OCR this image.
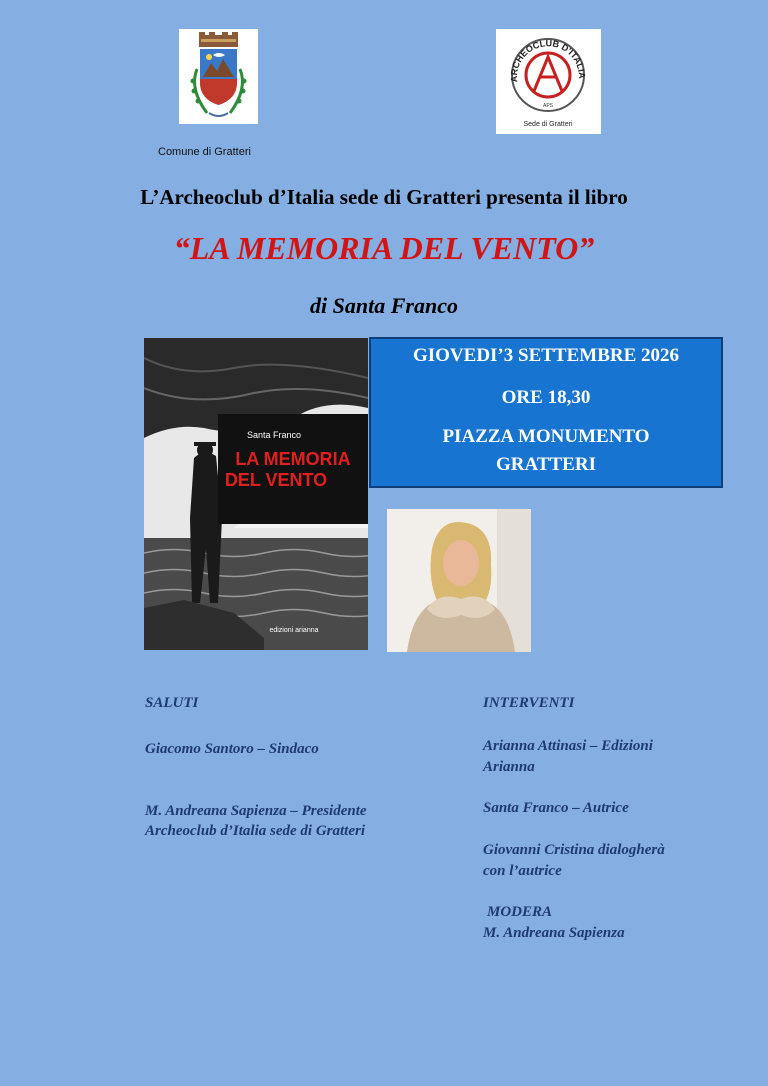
ARCHEOCLUB D'ITALIA
APS
Sede di Gratteri
Comune di Gratteri
L’Archeoclub d’Italia sede di Gratteri presenta il libro
“LA MEMORIA DEL VENTO”
di Santa Franco
Santa Franco
LA MEMORIA
DEL VENTO
edizioni arianna
GIOVEDI’3 SETTEMBRE 2026
ORE 18,30
PIAZZA MONUMENTO
GRATTERI
SALUTI
Giacomo Santoro – Sindaco
M. Andreana Sapienza – Presidente
Archeoclub d’Italia sede di Gratteri
INTERVENTI
Arianna Attinasi – Edizioni
Arianna
Santa Franco – Autrice
Giovanni Cristina dialogherà
con l’autrice
MODERA
M. Andreana Sapienza
